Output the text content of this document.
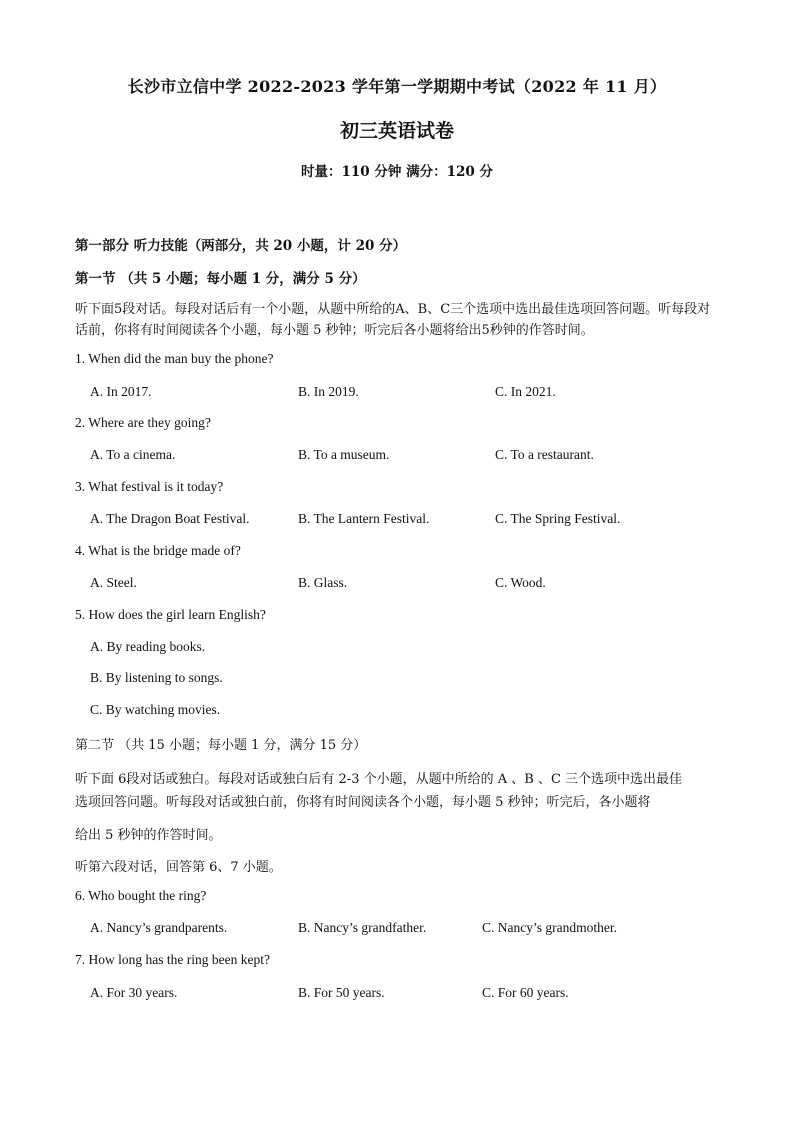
长沙市立信中学 2022-2023 学年第一学期期中考试（2022 年 11 月）
初三英语试卷
时量：110 分钟 满分：120 分
第一部分 听力技能（两部分，共 20 小题，计 20 分）
第一节 （共 5 小题；每小题 1 分，满分 5 分）
听下面5段对话。每段对话后有一个小题，从题中所给的A、B、C三个选项中选出最佳选项回答问题。听每段对话前，你将有时间阅读各个小题，每小题 5 秒钟；听完后各小题将给出5秒钟的作答时间。
1. When did the man buy the phone?
A. In 2017.	B. In 2019.	C. In 2021.
2. Where are they going?
A. To a cinema.	B. To a museum.	C. To a restaurant.
3. What festival is it today?
A. The Dragon Boat Festival.	B. The Lantern Festival.	C. The Spring Festival.
4. What is the bridge made of?
A. Steel.	B. Glass.	C. Wood.
5. How does the girl learn English?
A. By reading books.
B. By listening to songs.
C. By watching movies.
第二节 （共 15 小题；每小题 1 分，满分 15 分）
听下面 6段对话或独白。每段对话或独白后有 2-3 个小题，从题中所给的 A 、B 、C 三个选项中选出最佳
选项回答问题。听每段对话或独白前，你将有时间阅读各个小题，每小题 5 秒钟；听完后，各小题将
给出 5 秒钟的作答时间。
听第六段对话，回答第 6、7 小题。
6. Who bought the ring?
A. Nancy’s grandparents.	B. Nancy’s grandfather.	C. Nancy’s grandmother.
7. How long has the ring been kept?
A. For 30 years.	B. For 50 years.	C. For 60 years.
